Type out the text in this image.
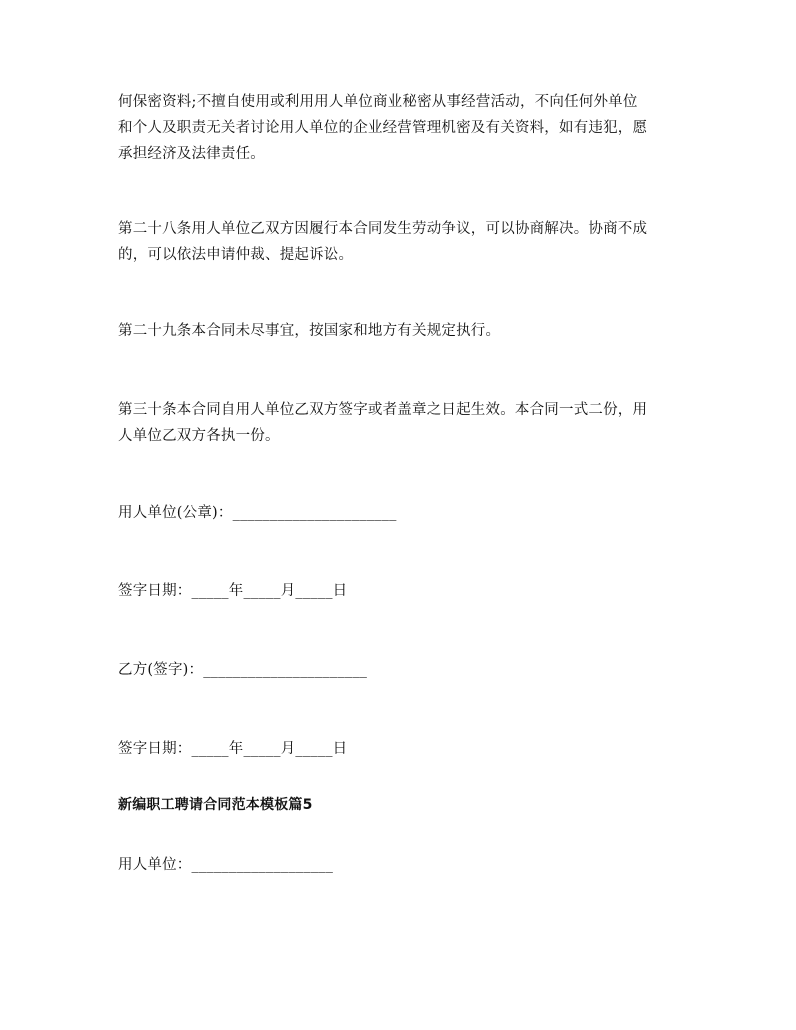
何保密资料;不擅自使用或利用用人单位商业秘密从事经营活动，不向任何外单位
和个人及职责无关者讨论用人单位的企业经营管理机密及有关资料，如有违犯，愿
承担经济及法律责任。
第二十八条用人单位乙双方因履行本合同发生劳动争议，可以协商解决。协商不成
的，可以依法申请仲裁、提起诉讼。
第二十九条本合同未尽事宜，按国家和地方有关规定执行。
第三十条本合同自用人单位乙双方签字或者盖章之日起生效。本合同一式二份，用
人单位乙双方各执一份。
用人单位(公章)：______________________
签字日期：_____年_____月_____日
乙方(签字)：______________________
签字日期：_____年_____月_____日
新编职工聘请合同范本模板篇5
用人单位：___________________
